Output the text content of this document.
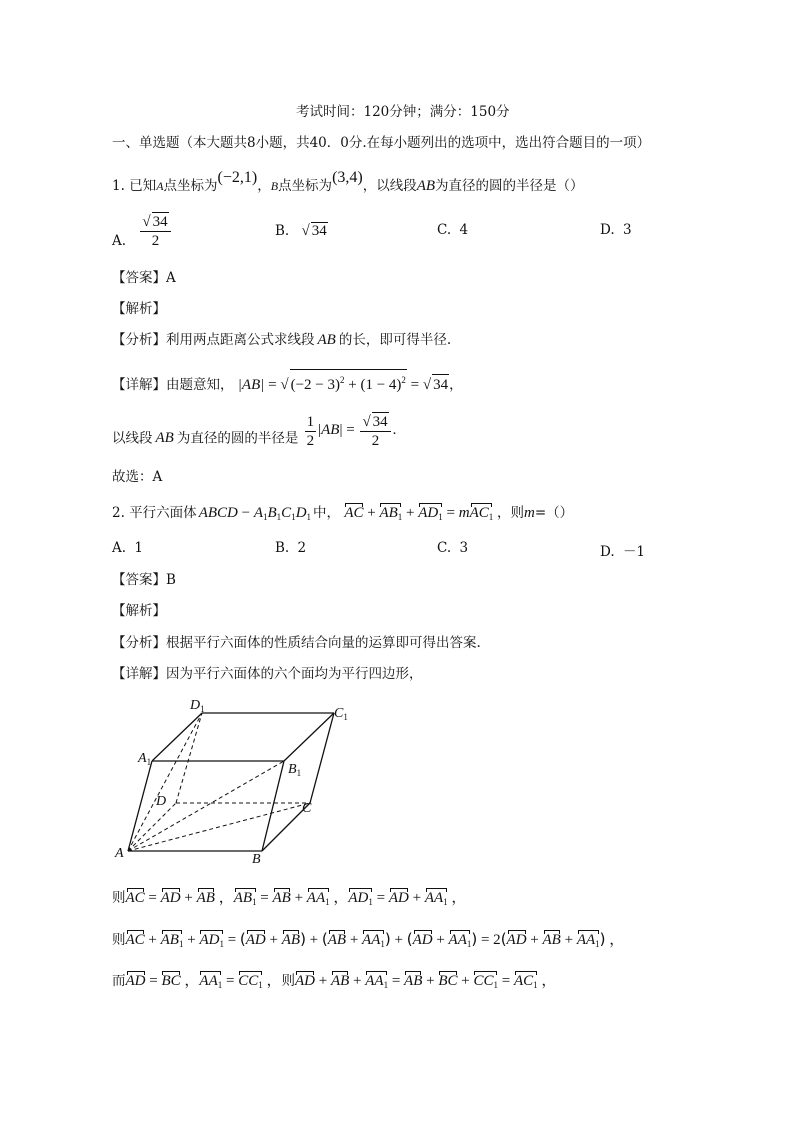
考试时间：120分钟；满分：150分
一、单选题（本大题共8小题，共40．0分.在每小题列出的选项中，选出符合题目的一项）
1. 已知A点坐标为(−2,1)，B点坐标为(3,4)，以线段AB为直径的圆的半径是（）
A. $\frac{√ 34}{2}$	B. √ 34	C. 4	D. 3
【答案】A
【解析】
【分析】利用两点距离公式求线段 AB 的长，即可得半径.
【详解】由题意知， |AB| = √ $(-2 - 3)^2 + (1 - 4)^2$ = √ 34，
以线段 AB 为直径的圆的半径是 $\frac{1}{2} |AB| = \frac{√ 34}{2}$ .
故选：A
2. 平行六面体 ABCD − $A_1B_1C_1D_1$ 中， AC + $AB_1 + AD_1 = mAC_1$ ，则m=（）
A. 1	B. 2	C. 3	D. －1
【答案】B
【解析】
【分析】根据平行六面体的性质结合向量的运算即可得出答案.
【详解】因为平行六面体的六个面均为平行四边形，
$D_1$	$C_1$
$A_1$	$B_1$
D	C
A	B
则AC = AD + AB ，$AB_1$ = AB + $AA_1$ ，$AD_1$ = AD + $AA_1$ ，
则AC + $AB_1 + AD_1 = (AD + AB) + (AB + AA_1) + (AD + AA_1) = 2(AD$ + AB + $AA_1$) ，
而AD = BC ，$AA_1 = CC_1$ ，则AD + AB + $AA_1$ = AB + BC + $CC_1 = AC_1$ ，
